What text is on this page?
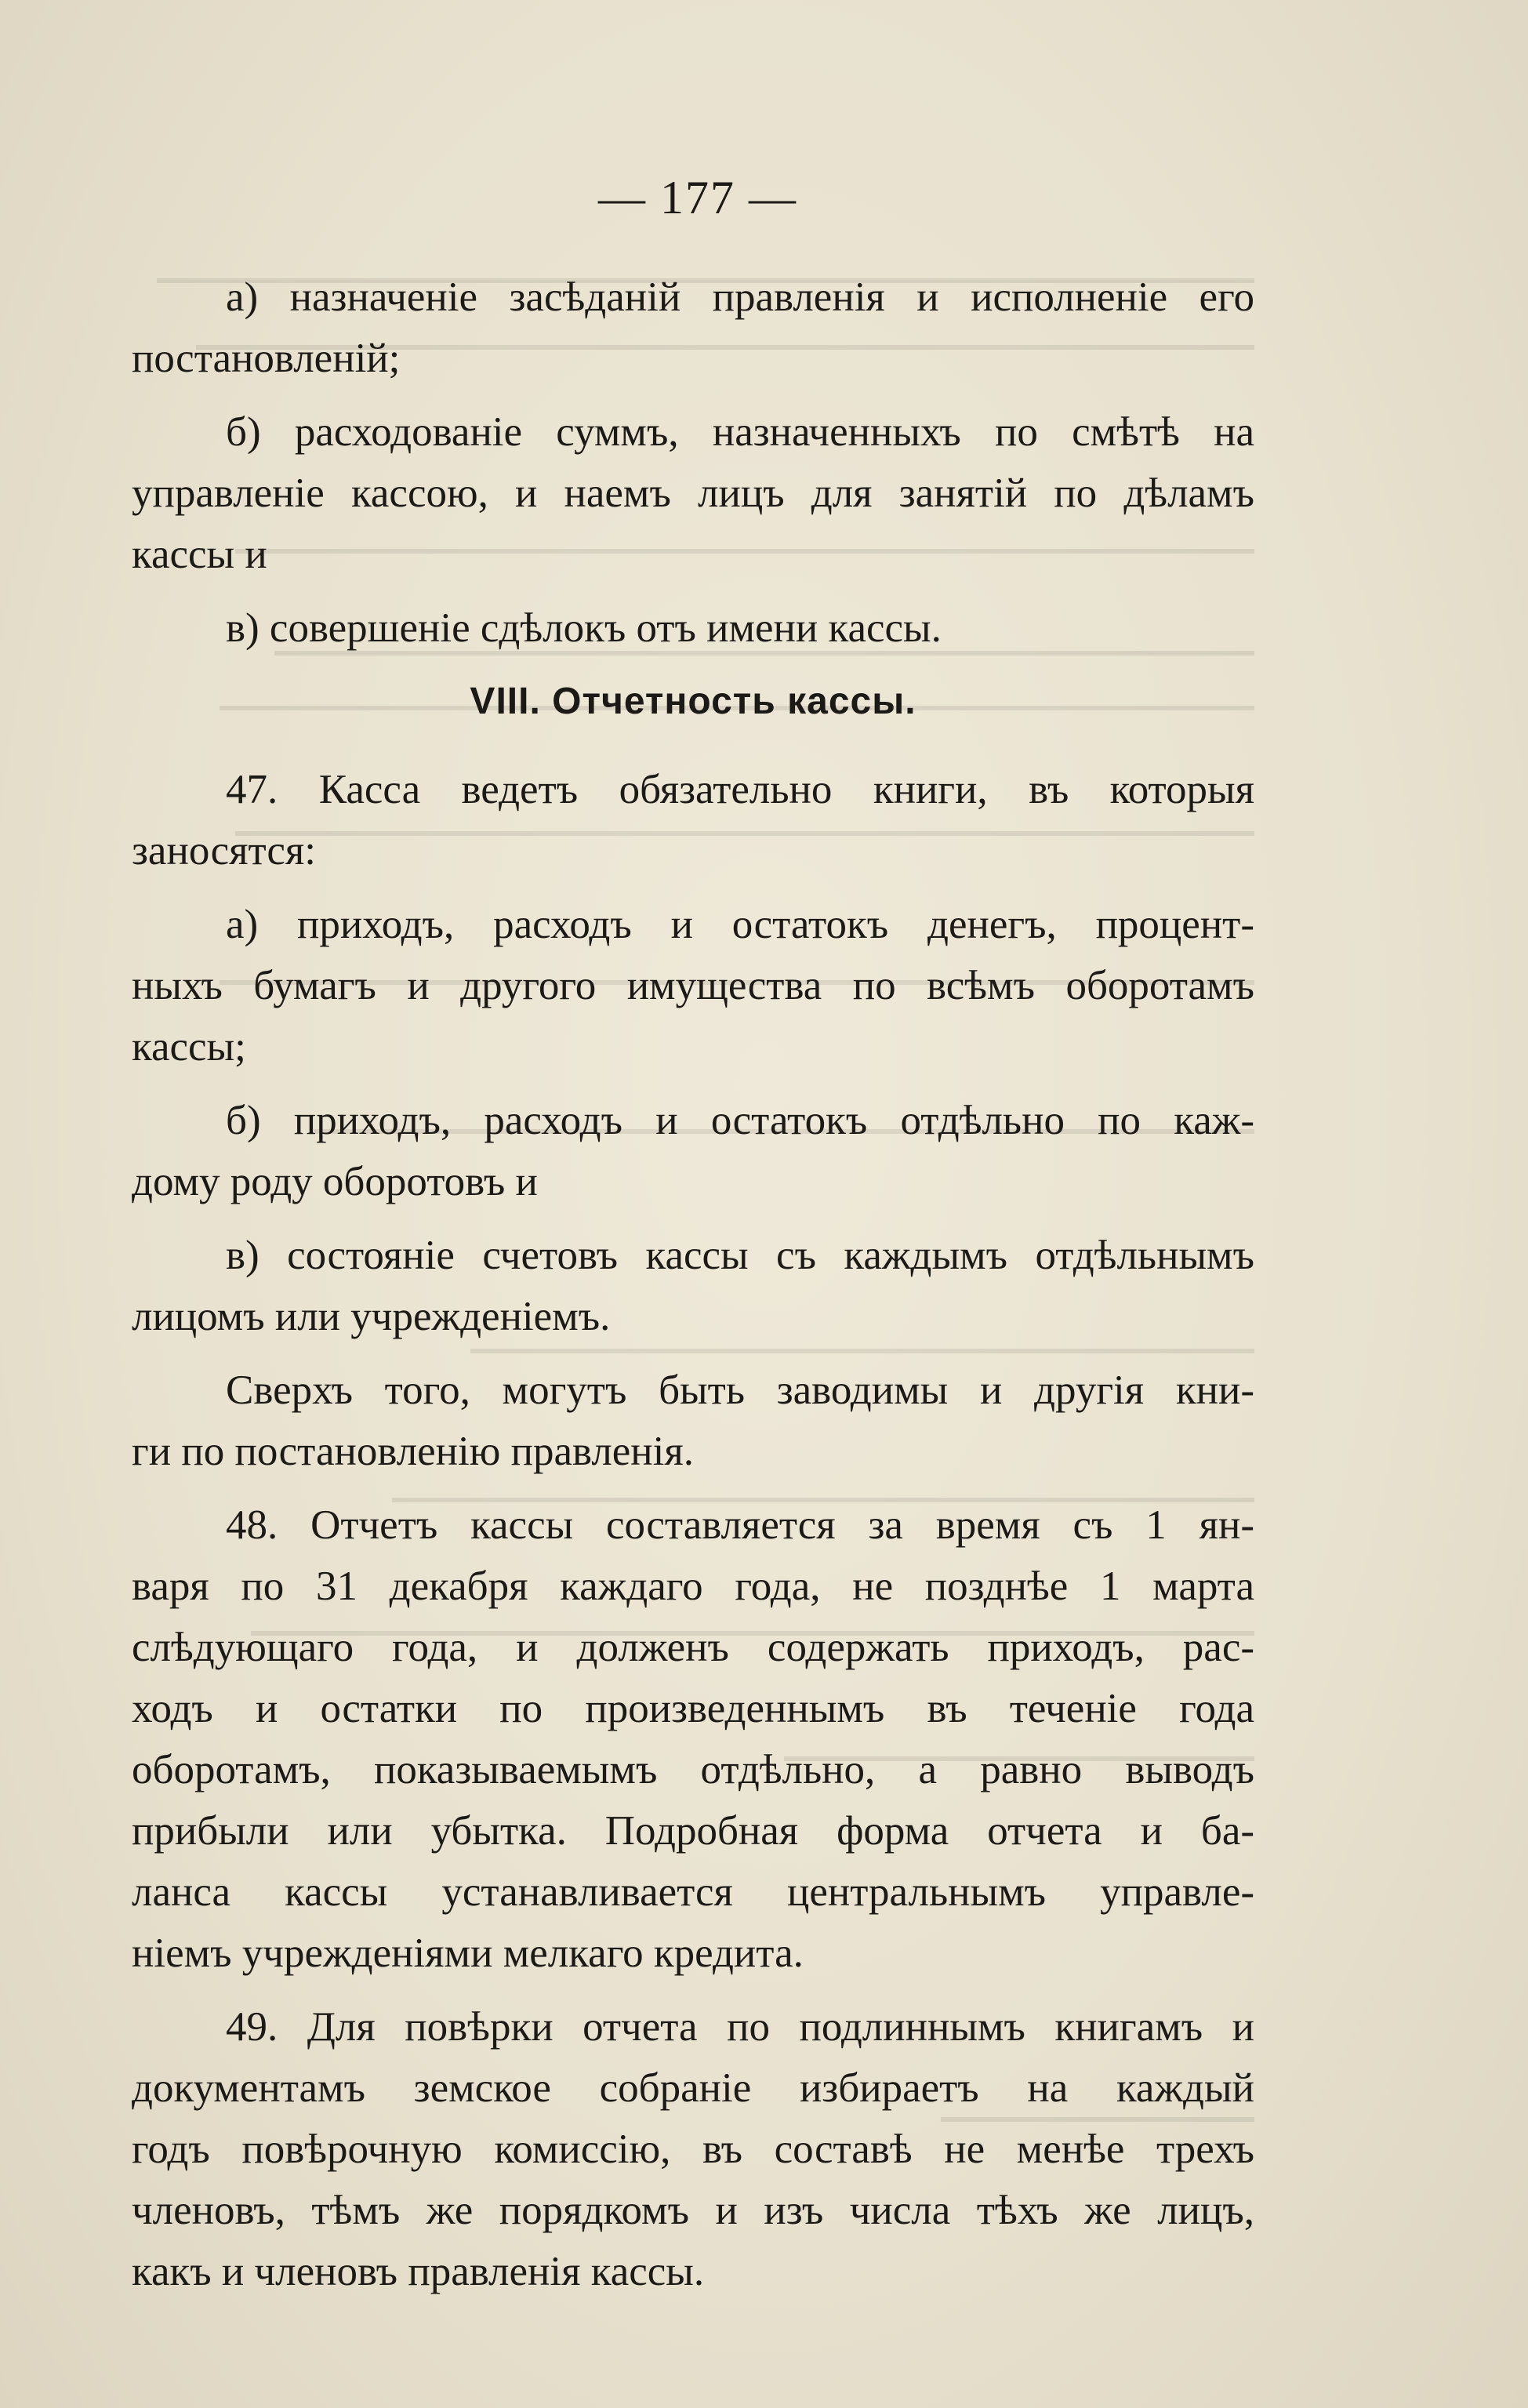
— 177 —
а) назначеніе засѣданій правленія и исполненіе его
постановленій;
б) расходованіе суммъ, назначенныхъ по смѣтѣ на
управленіе кассою, и наемъ лицъ для занятій по дѣламъ
кассы и
в) совершеніе сдѣлокъ отъ имени кассы.
VIII. Отчетность кассы.
47. Касса ведетъ обязательно книги, въ которыя
заносятся:
а) приходъ, расходъ и остатокъ денегъ, процент-
ныхъ бумагъ и другого имущества по всѣмъ оборотамъ
кассы;
б) приходъ, расходъ и остатокъ отдѣльно по каж-
дому роду оборотовъ и
в) состояніе счетовъ кассы съ каждымъ отдѣльнымъ
лицомъ или учрежденіемъ.
Сверхъ того, могутъ быть заводимы и другія кни-
ги по постановленію правленія.
48. Отчетъ кассы составляется за время съ 1 ян-
варя по 31 декабря каждаго года, не позднѣе 1 марта
слѣдующаго года, и долженъ содержать приходъ, рас-
ходъ и остатки по произведеннымъ въ теченіе года
оборотамъ, показываемымъ отдѣльно, а равно выводъ
прибыли или убытка. Подробная форма отчета и ба-
ланса кассы устанавливается центральнымъ управле-
ніемъ учрежденіями мелкаго кредита.
49. Для повѣрки отчета по подлиннымъ книгамъ и
документамъ земское собраніе избираетъ на каждый
годъ повѣрочную комиссію, въ составѣ не менѣе трехъ
членовъ, тѣмъ же порядкомъ и изъ числа тѣхъ же лицъ,
какъ и членовъ правленія кассы.
